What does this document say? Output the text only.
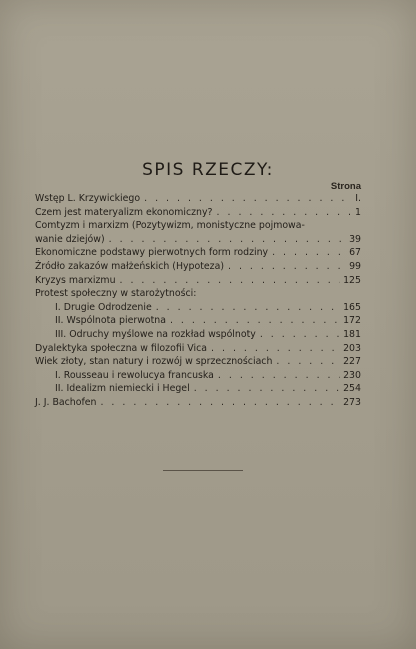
SPIS RZECZY:
Strona
Wstęp L. Krzywickiego . . .	I.
Czem jest materyalizm ekonomiczny? . . .	1
Comtyzm i marxizm (Pozytywizm, monistyczne pojmowa-
wanie dziejów) . . .	39
Ekonomiczne podstawy pierwotnych form rodziny . . .	67
Źródło zakazów małżeńskich (Hypoteza) . . .	99
Kryzys marxizmu . . .	125
Protest społeczny w starożytności:
I. Drugie Odrodzenie . . .	165
II. Wspólnota pierwotna . . .	172
III. Odruchy myślowe na rozkład wspólnoty . . .	181
Dyalektyka społeczna w filozofii Vica . . .	203
Wiek złoty, stan natury i rozwój w sprzecznościach . . .	227
I. Rousseau i rewolucya francuska . . .	230
II. Idealizm niemiecki i Hegel . . .	254
J. J. Bachofen . . .	273
